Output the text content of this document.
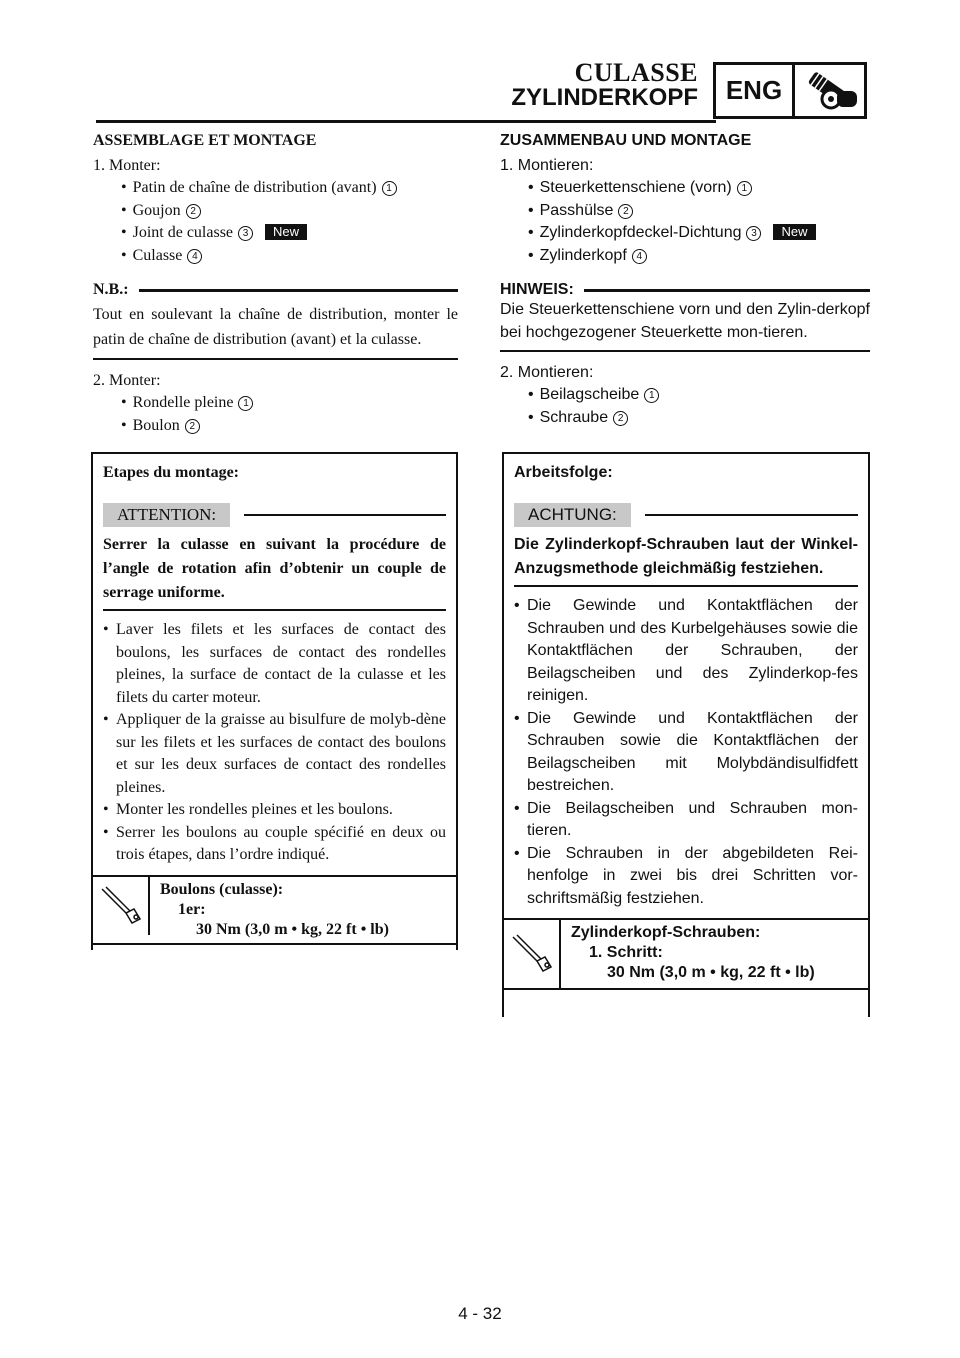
CULASSE
ZYLINDERKOPF	ENG

ASSEMBLAGE ET MONTAGE

1. Monter:

• Patin de chaîne de distribution (avant) 1

• Goujon 2

• Joint de culasse 3 New

• Culasse 4

N.B.:

Tout en soulevant la chaîne de distribution, monter le patin de chaîne de distribution (avant) et la culasse.

2. Monter:

• Rondelle pleine 1

• Boulon 2

Etapes du montage:

ATTENTION:

Serrer la culasse en suivant la procédure de l’angle de rotation afin d’obtenir un couple de serrage uniforme.

• Laver les filets et les surfaces de contact des boulons, les surfaces de contact des rondelles pleines, la surface de contact de la culasse et les filets du carter moteur.
• Appliquer de la graisse au bisulfure de molyb-dène sur les filets et les surfaces de contact des boulons et sur les deux surfaces de contact des rondelles pleines.
• Monter les rondelles pleines et les boulons.
• Serrer les boulons au couple spécifié en deux ou trois étapes, dans l’ordre indiqué.
Boulons (culasse):
1er:
30 Nm (3,0 m • kg, 22 ft • lb)

ZUSAMMENBAU UND MONTAGE

1. Montieren:

• Steuerkettenschiene (vorn) 1

• Passhülse 2

• Zylinderkopfdeckel-Dichtung 3 New

• Zylinderkopf 4

HINWEIS:

Die Steuerkettenschiene vorn und den Zylin-derkopf bei hochgezogener Steuerkette mon-tieren.

2. Montieren:

• Beilagscheibe 1

• Schraube 2

Arbeitsfolge:

ACHTUNG:

Die Zylinderkopf-Schrauben laut der Winkel-Anzugsmethode gleichmäßig festziehen.

• Die Gewinde und Kontaktflächen der Schrauben und des Kurbelgehäuses sowie die Kontaktflächen der Schrauben, der Beilagscheiben und des Zylinderkop-fes reinigen.
• Die Gewinde und Kontaktflächen der Schrauben sowie die Kontaktflächen der Beilagscheiben mit Molybdändisulfidfett bestreichen.
• Die Beilagscheiben und Schrauben mon-tieren.
• Die Schrauben in der abgebildeten Rei-henfolge in zwei bis drei Schritten vor-schriftsmäßig festziehen.
Zylinderkopf-Schrauben:
1. Schritt:
30 Nm (3,0 m • kg, 22 ft • lb)
4 - 32
